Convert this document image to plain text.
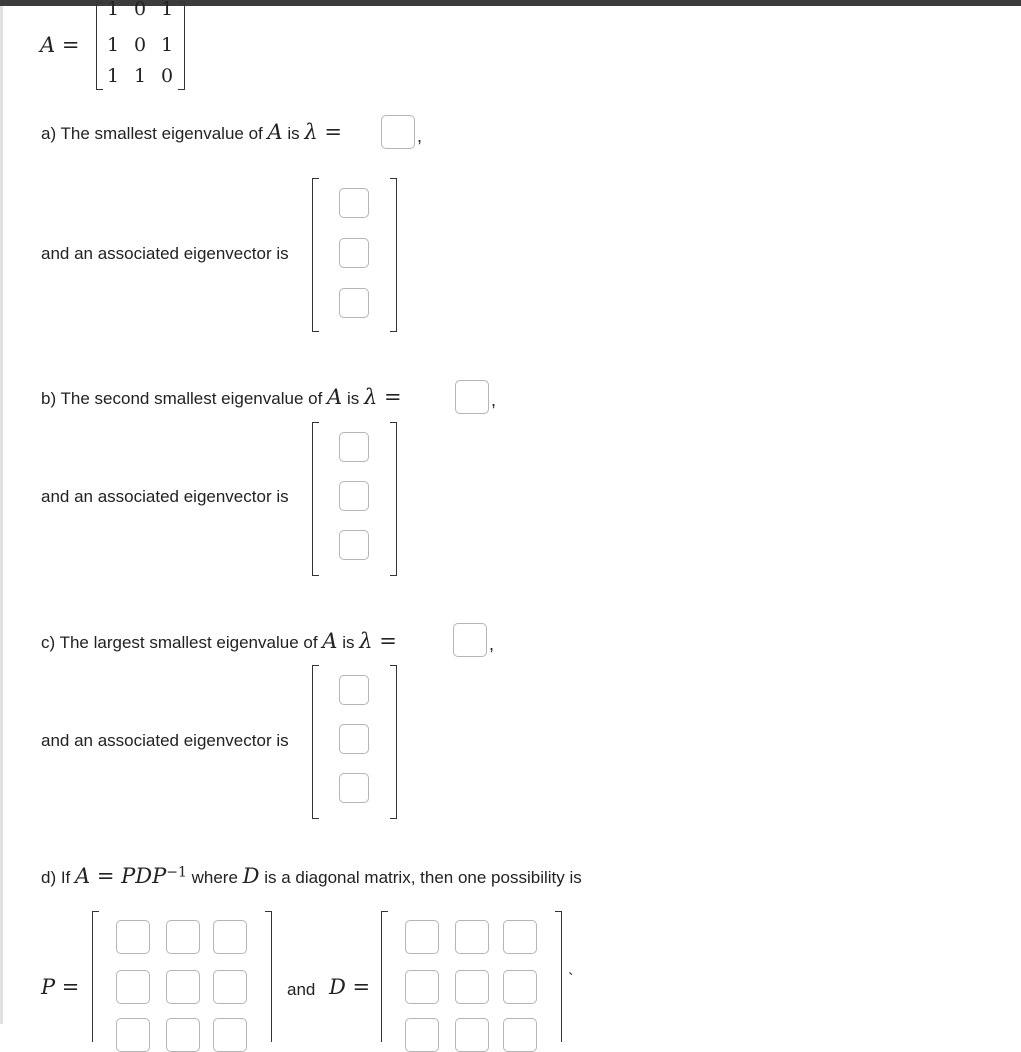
A =
1 0 1
1 0 1
1 1 0
a) The smallest eigenvalue of A is λ =	,
and an associated eigenvector is
b) The second smallest eigenvalue of A is λ =	,
and an associated eigenvector is
c) The largest smallest eigenvalue of A is λ =	,
and an associated eigenvector is
d) If $A = PDP^{-1}$ where D is a diagonal matrix, then one possibility is
P =	and D =	`
